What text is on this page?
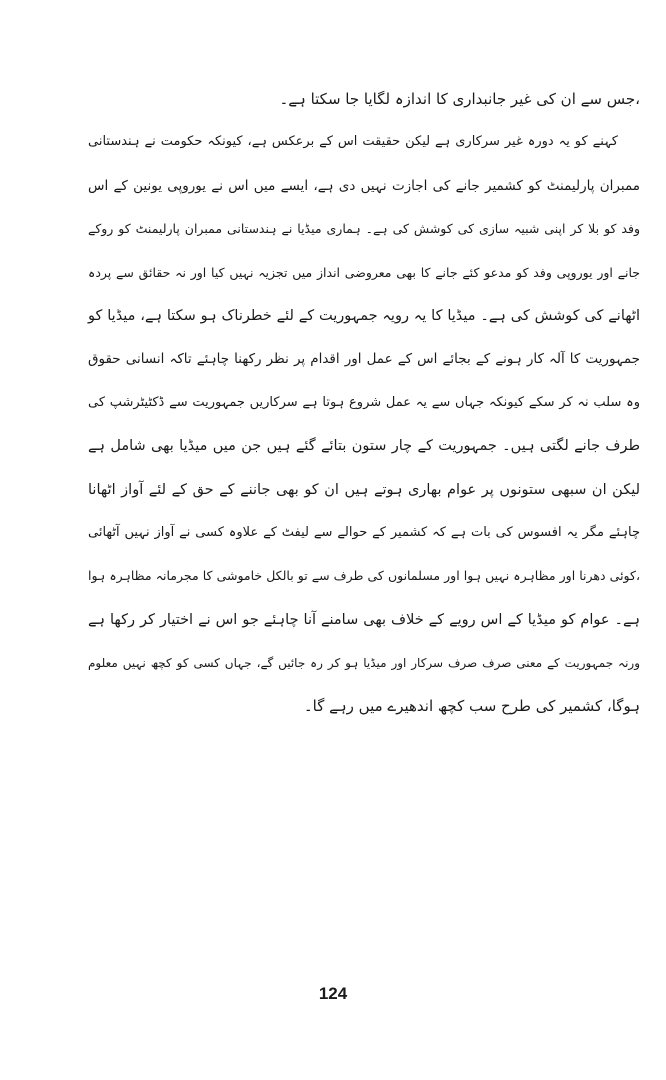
،جس سے ان کی غیر جانبداری کا اندازہ لگایا جا سکتا ہے۔
کہنے کو یہ دورہ غیر سرکاری ہے لیکن حقیقت اس کے برعکس ہے، کیونکہ حکومت نے ہندستانی
ممبران پارلیمنٹ کو کشمیر جانے کی اجازت نہیں دی ہے، ایسے میں اس نے یوروپی یونین کے اس
وفد کو بلا کر اپنی شبیہ سازی کی کوشش کی ہے۔ ہماری میڈیا نے ہندستانی ممبران پارلیمنٹ کو روکے
جانے اور یوروپی وفد کو مدعو کئے جانے کا بھی معروضی انداز میں تجزیہ نہیں کیا اور نہ حقائق سے پردہ
اٹھانے کی کوشش کی ہے۔ میڈیا کا یہ رویہ جمہوریت کے لئے خطرناک ہو سکتا ہے، میڈیا کو
جمہوریت کا آلہ کار ہونے کے بجائے اس کے عمل اور اقدام پر نظر رکھنا چاہئے تاکہ انسانی حقوق
وہ سلب نہ کر سکے کیونکہ جہاں سے یہ عمل شروع ہوتا ہے سرکاریں جمہوریت سے ڈکٹیٹرشپ کی
طرف جانے لگتی ہیں۔ جمہوریت کے چار ستون بتائے گئے ہیں جن میں میڈیا بھی شامل ہے
لیکن ان سبھی ستونوں پر عوام بھاری ہوتے ہیں ان کو بھی جاننے کے حق کے لئے آواز اٹھانا
چاہئے مگر یہ افسوس کی بات ہے کہ کشمیر کے حوالے سے لیفٹ کے علاوہ کسی نے آواز نہیں آٹھائی
،کوئی دھرنا اور مظاہرہ نہیں ہوا اور مسلمانوں کی طرف سے تو بالکل خاموشی کا مجرمانہ مظاہرہ ہوا
ہے۔ عوام کو میڈیا کے اس رویے کے خلاف بھی سامنے آنا چاہئے جو اس نے اختیار کر رکھا ہے
ورنہ جمہوریت کے معنی صرف صرف سرکار اور میڈیا ہو کر رہ جائیں گے، جہاں کسی کو کچھ نہیں معلوم
ہوگا، کشمیر کی طرح سب کچھ اندھیرے میں رہے گا۔
124
